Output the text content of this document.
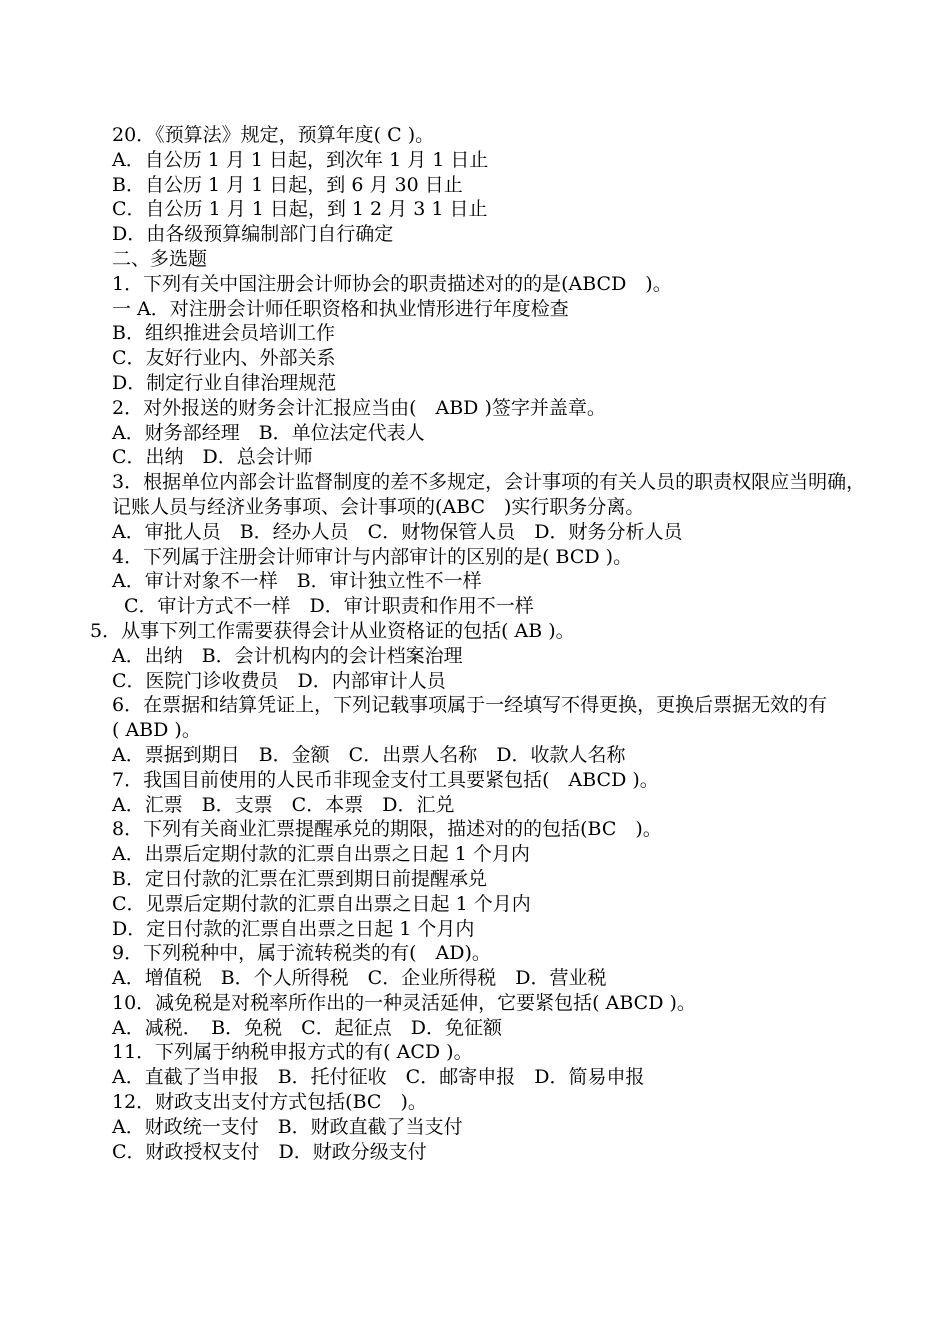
20．《预算法》规定，预算年度( C )。

A．自公历 1 月 1 日起，到次年 1 月 1 日止

B．自公历 1 月 1 日起，到 6 月 30 日止

C．自公历 1 月 1 日起，到 1 2 月 3 1 日止

D．由各级预算编制部门自行确定

二、多选题

1．下列有关中国注册会计师协会的职责描述对的的是(ABCD　)。

一 A．对注册会计师任职资格和执业情形进行年度检查

B．组织推进会员培训工作

C．友好行业内、外部关系

D．制定行业自律治理规范

2．对外报送的财务会计汇报应当由(　ABD )签字并盖章。

A．财务部经理　B．单位法定代表人

C．出纳　D．总会计师

3．根据单位内部会计监督制度的差不多规定，会计事项的有关人员的职责权限应当明确，

记账人员与经济业务事项、会计事项的(ABC　)实行职务分离。

A．审批人员　B．经办人员　C．财物保管人员　D．财务分析人员

4．下列属于注册会计师审计与内部审计的区别的是( BCD )。

A．审计对象不一样　B．审计独立性不一样

C．审计方式不一样　D．审计职责和作用不一样

5．从事下列工作需要获得会计从业资格证的包括( AB )。

A．出纳　B．会计机构内的会计档案治理

C．医院门诊收费员　D．内部审计人员

6．在票据和结算凭证上，下列记载事项属于一经填写不得更换，更换后票据无效的有

( ABD )。

A．票据到期日　B．金额　C．出票人名称　D．收款人名称

7．我国目前使用的人民币非现金支付工具要紧包括(　ABCD )。

A．汇票　B．支票　C．本票　D．汇兑

8．下列有关商业汇票提醒承兑的期限，描述对的的包括(BC　)。

A．出票后定期付款的汇票自出票之日起 1 个月内

B．定日付款的汇票在汇票到期日前提醒承兑

C．见票后定期付款的汇票自出票之日起 1 个月内

D．定日付款的汇票自出票之日起 1 个月内

9．下列税种中，属于流转税类的有(　AD)。

A．增值税　B．个人所得税　C．企业所得税　D．营业税

10．减免税是对税率所作出的一种灵活延伸，它要紧包括( ABCD )。

A．减税．　B．免税　C．起征点　D．免征额

11．下列属于纳税申报方式的有( ACD )。

A．直截了当申报　B．托付征收　C．邮寄申报　D．简易申报

12．财政支出支付方式包括(BC　)。

A．财政统一支付　B．财政直截了当支付

C．财政授权支付　D．财政分级支付
